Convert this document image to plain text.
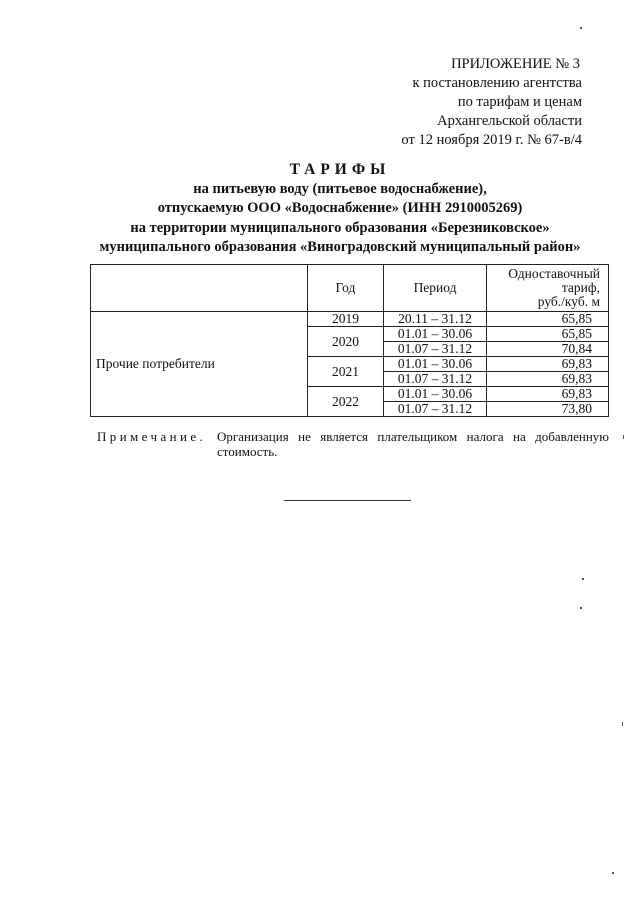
ПРИЛОЖЕНИЕ № 3
к постановлению агентства
по тарифам и ценам
Архангельской области
от 12 ноября 2019 г. № 67-в/4
ТАРИФЫ
на питьевую воду (питьевое водоснабжение),
отпускаемую ООО «Водоснабжение» (ИНН 2910005269)
на территории муниципального образования «Березниковское»
муниципального образования «Виноградовский муниципальный район»
	Год	Период	Одноставочный
тариф,
руб./куб. м
Прочие потребители	2019	20.11 – 31.12	65,85
	2020	01.01 – 30.06	65,85
		01.07 – 31.12	70,84
	2021	01.01 – 30.06	69,83
		01.07 – 31.12	69,83
	2022	01.01 – 30.06	69,83
		01.07 – 31.12	73,80
Примечание. Организация не является плательщиком налога на добавленную стоимость.
